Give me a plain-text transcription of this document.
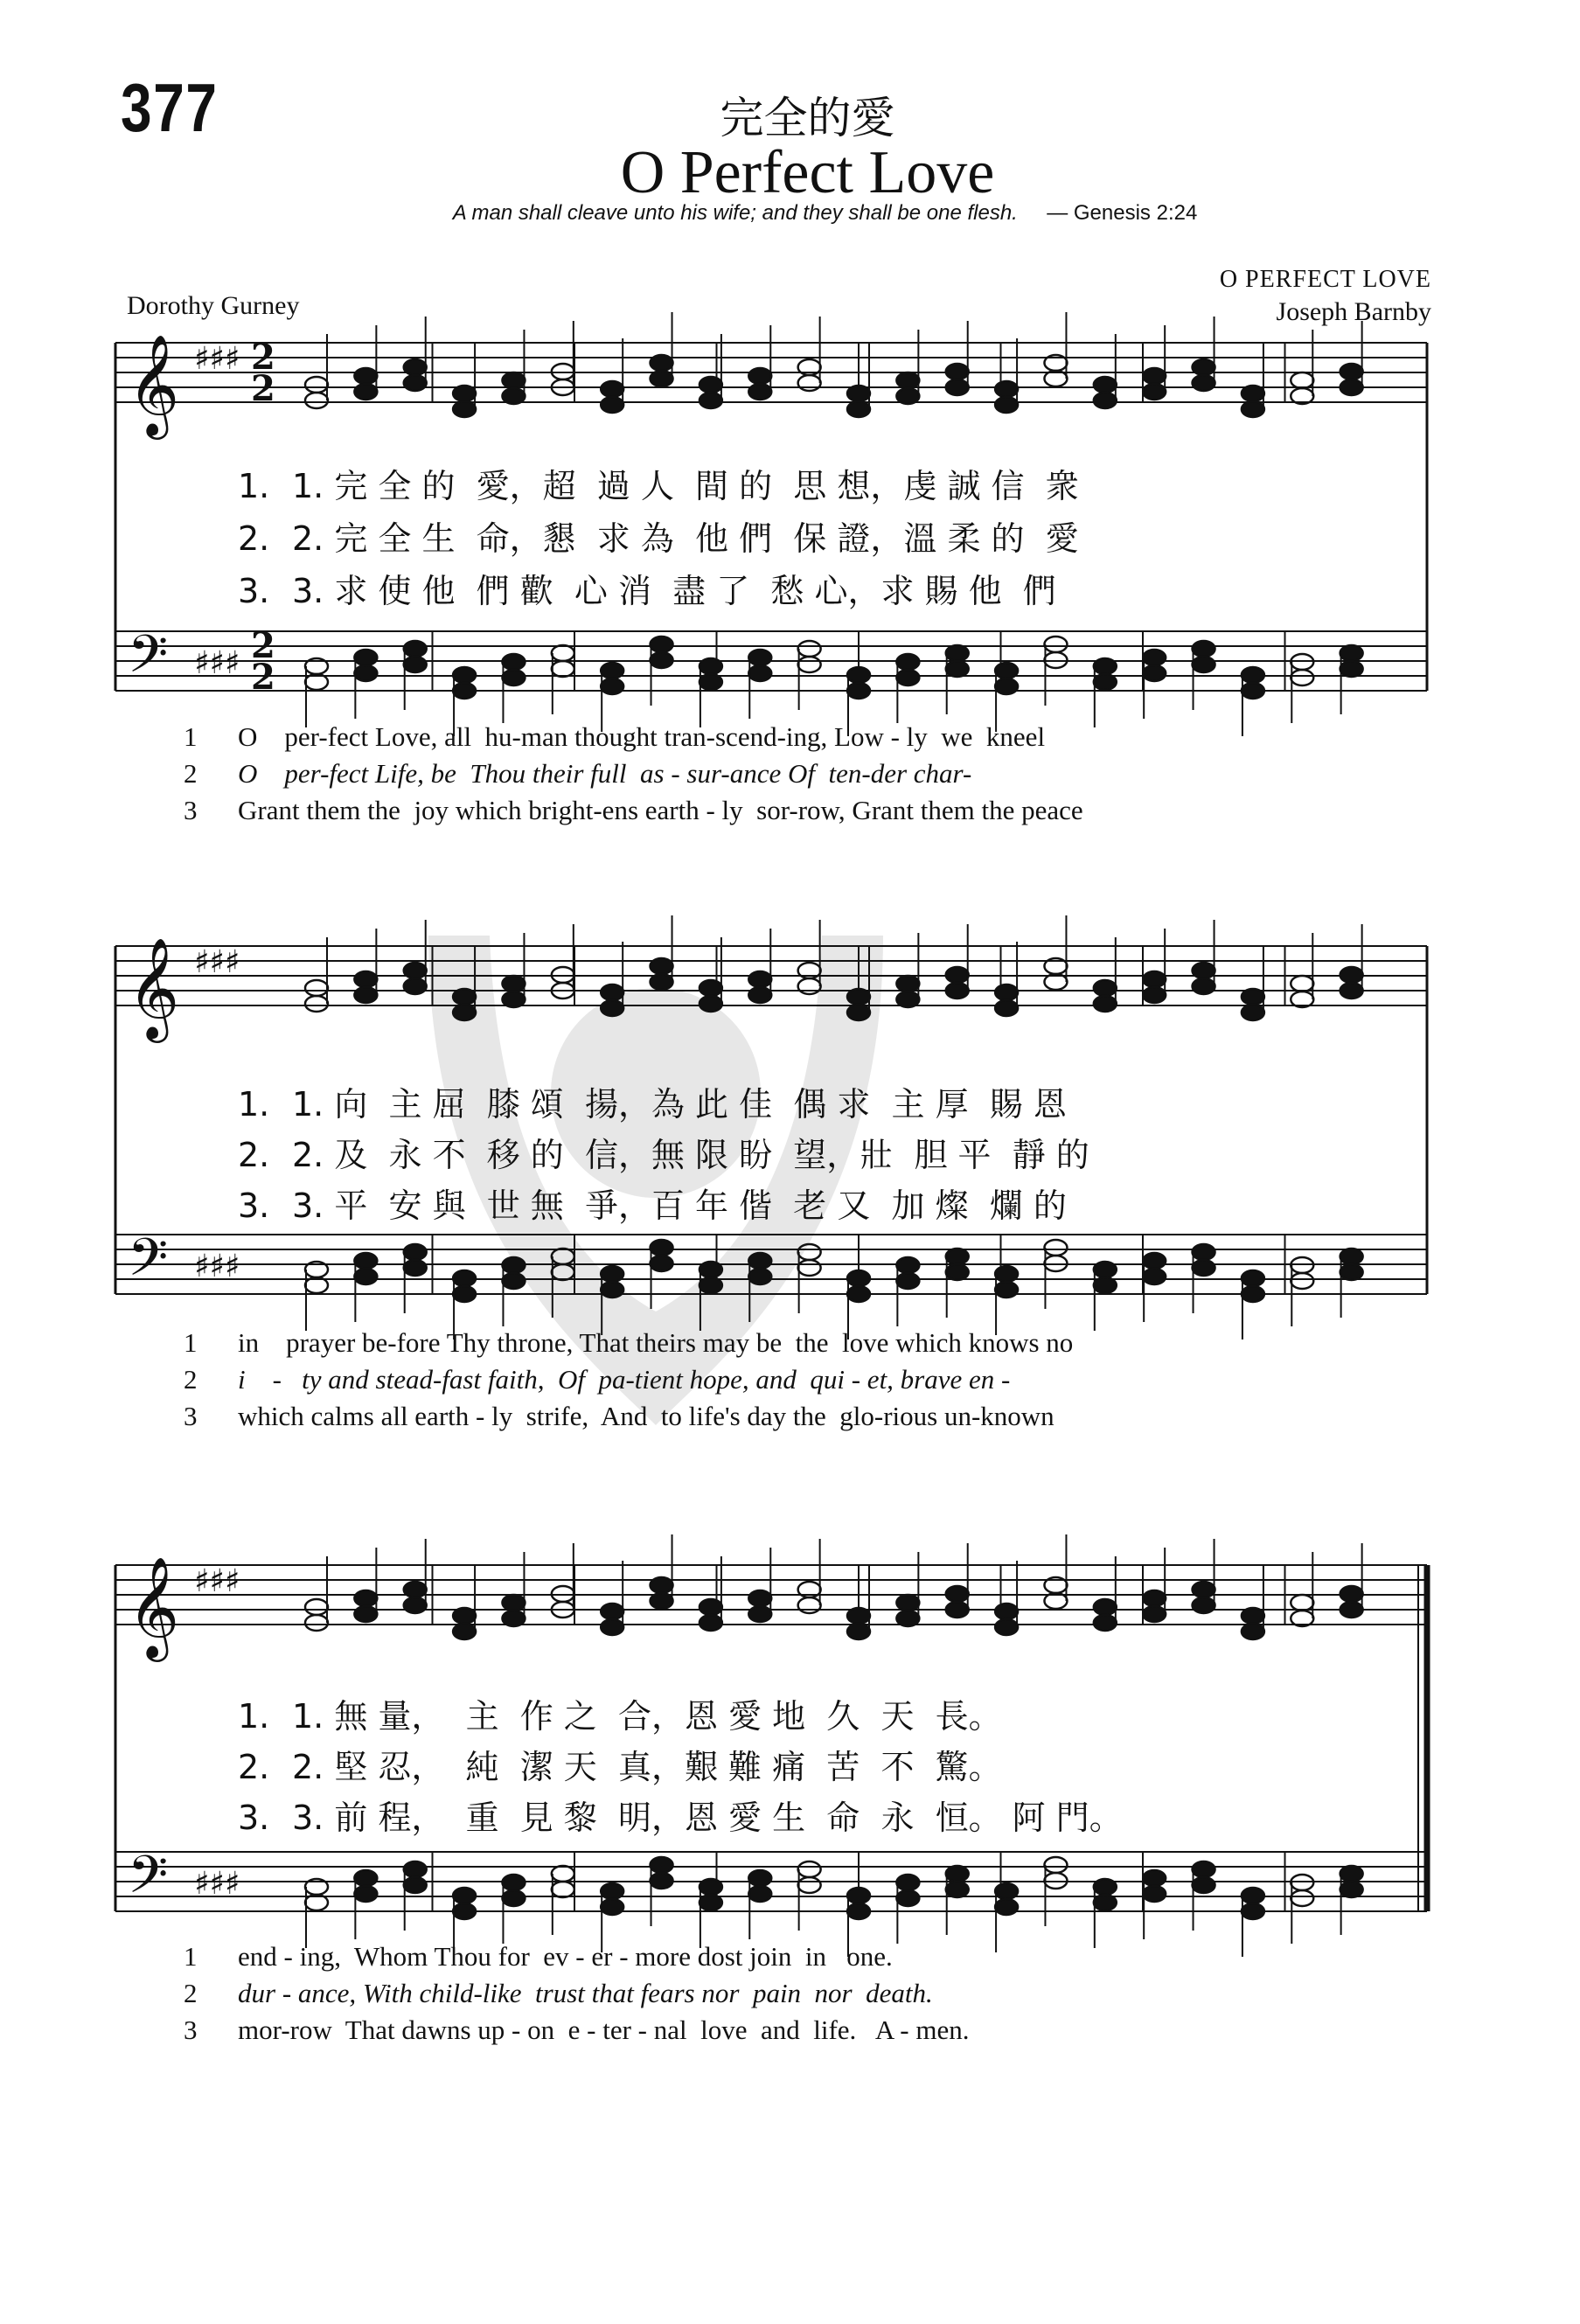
377	完全的愛
O Perfect Love
A man shall cleave unto his wife; and they shall be one flesh. — Genesis 2:24
Dorothy Gurney
O PERFECT LOVE
Joseph Barnby
𝄞 ♯♯♯ 2
2
𝄢 ♯♯♯ 2
2
𝄞 ♯♯♯
𝄢 ♯♯♯
𝄞 ♯♯♯
𝄢 ♯♯♯
1. 1. 完 全 的  愛，超  過 人  間 的  思 想，虔 誠 信  衆
2. 2. 完 全 生  命，懇  求 為  他 們  保 證，溫 柔 的  愛
3. 3. 求 使 他  們 歡  心 消  盡 了  愁 心，求 賜 他  們
1 O    per-fect Love, all  hu-man thought tran-scend-ing, Low - ly  we  kneel
2 O    per-fect Life, be  Thou their full  as - sur-ance Of  ten-der char-
3 Grant them the  joy which bright-ens earth - ly  sor-row, Grant them the peace
1. 1. 向  主 屈  膝 頌  揚，為 此 佳  偶 求  主 厚  賜 恩
2. 2. 及  永 不  移 的  信，無 限 盼  望，壯  胆 平  靜 的
3. 3. 平  安 與  世 無  爭，百 年 偕  老 又  加 燦  爛 的
1 in    prayer be-fore Thy throne, That theirs may be  the  love which knows no
2 i    -   ty and stead-fast faith,  Of  pa-tient hope, and  qui - et, brave en -
3 which calms all earth - ly  strife,  And  to life's day the  glo-rious un-known
1. 1. 無 量，  主  作 之  合，恩 愛 地  久  天  長。
2. 2. 堅 忍，  純  潔 天  真，艱 難 痛  苦  不  驚。
3. 3. 前 程，  重  見 黎  明，恩 愛 生  命  永  恒。 阿 門。
1 end - ing,  Whom Thou for  ev - er - more dost join  in   one.
2 dur - ance, With child-like  trust that fears nor  pain  nor  death.
3 mor-row  That dawns up - on  e - ter - nal  love  and  life.   A - men.
